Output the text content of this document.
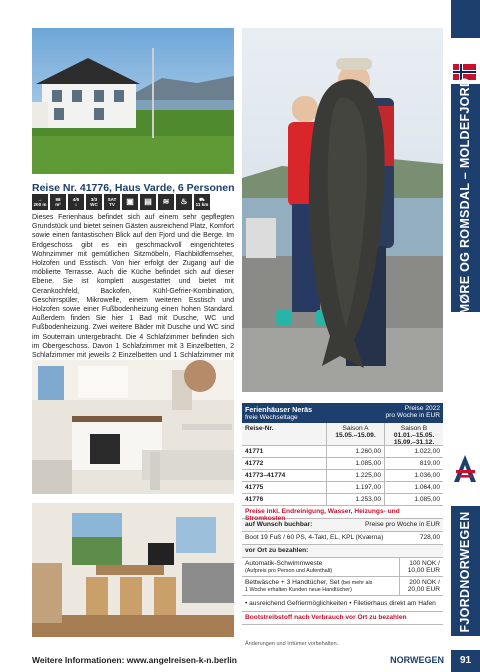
MØRE OG ROMSDAL – MOLDEFJORD
FJORDNORWEGEN
Reise Nr. 41776, Haus Varde, 6 Personen
→
200 m
98
m²
4/6
⌂
3/3
WC
SAT
TV	▣	▤	≋	♨	⛟
11 km
Dieses Ferienhaus befindet sich auf einem sehr gepflegten Grundstück und bietet seinen Gästen ausreichend Platz, Komfort sowie einen fantastischen Blick auf den Fjord und die Berge. Im Erdgeschoss gibt es ein geschmackvoll eingerichtetes Wohnzimmer mit gemütlichen Sitzmöbeln, Flachbildfernseher, Holzofen und Esstisch. Von hier erfolgt der Zugang auf die möblierte Terrasse. Auch die Küche befindet sich auf dieser Ebene. Sie ist komplett ausgestattet und bietet mit Cerankochfeld, Backofen, Kühl-Gefrier-Kombination, Geschirrspüler, Mikrowelle, einem weiteren Esstisch und Holzofen sowie einer Fußbodenheizung einen hohen Standard. Außerdem finden Sie hier 1 Bad mit Dusche, WC und Fußbodenheizung. Zwei weitere Bäder mit Dusche und WC sind im Souterrain untergebracht. Die 4 Schlafzimmer befinden sich im Obergeschoss. Davon 1 Schlafzimmer mit 3 Einzelbetten, 2 Schlafzimmer mit jeweils 2 Einzelbetten und 1 Schlafzimmer mit
Ferienhäuser Neräs
freie Wechseltage
Preise 2022
pro Woche in EUR
Reise-Nr.	Saison A
15.05.–15.09.
Saison B
01.01.–15.05.
15.09.–31.12.
41771	1.260,00	1.022,00
41772	1.085,00	819,00
41773–41774	1.225,00	1.036,00
41775	1.197,00	1.064,00
41776	1.253,00	1.085,00
Preise inkl. Endreinigung, Wasser, Heizungs- und Stromkosten
auf Wunsch buchbar:	Preise pro Woche in EUR
Boot 19 Fuß / 60 PS, 4-Takt, EL, KPL (Kværna)	728,00
vor Ort zu bezahlen:
Automatik-Schwimmweste
(Aufpreis pro Person und Aufenthalt)
100 NOK /
10,00 EUR
Bettwäsche + 3 Handtücher, Set (bei mehr als
1 Woche erhalten Kunden neue Handtücher)
200 NOK /
20,00 EUR
• ausreichend Gefriermöglichkeiten • Filetierhaus direkt am Hafen
Bootstreibstoff nach Verbrauch vor Ort zu bezahlen
Änderungen und Irrtümer vorbehalten.
Weitere Informationen: www.angelreisen-k-n.berlin	NORWEGEN	91
